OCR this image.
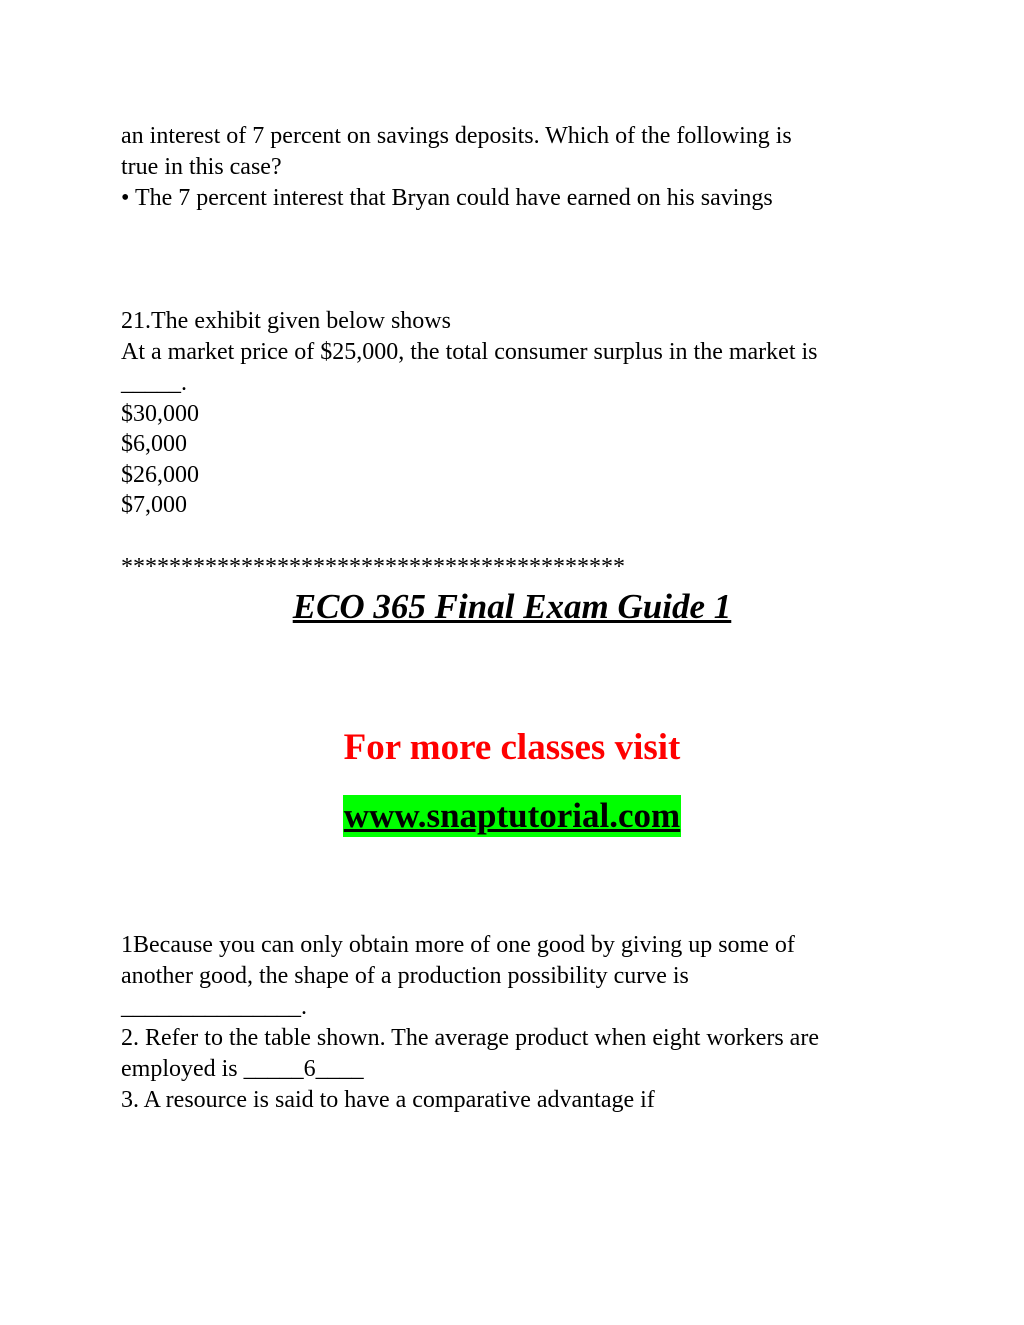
an interest of 7 percent on savings deposits. Which of the following is
true in this case?
• The 7 percent interest that Bryan could have earned on his savings
21.The exhibit given below shows
At a market price of $25,000, the total consumer surplus in the market is
_____.
$30,000
$6,000
$26,000
$7,000
******************************************
ECO 365 Final Exam Guide 1
For more classes visit
www.snaptutorial.com
1Because you can only obtain more of one good by giving up some of
another good, the shape of a production possibility curve is
_______________.
2. Refer to the table shown. The average product when eight workers are
employed is _____6____
3. A resource is said to have a comparative advantage if
